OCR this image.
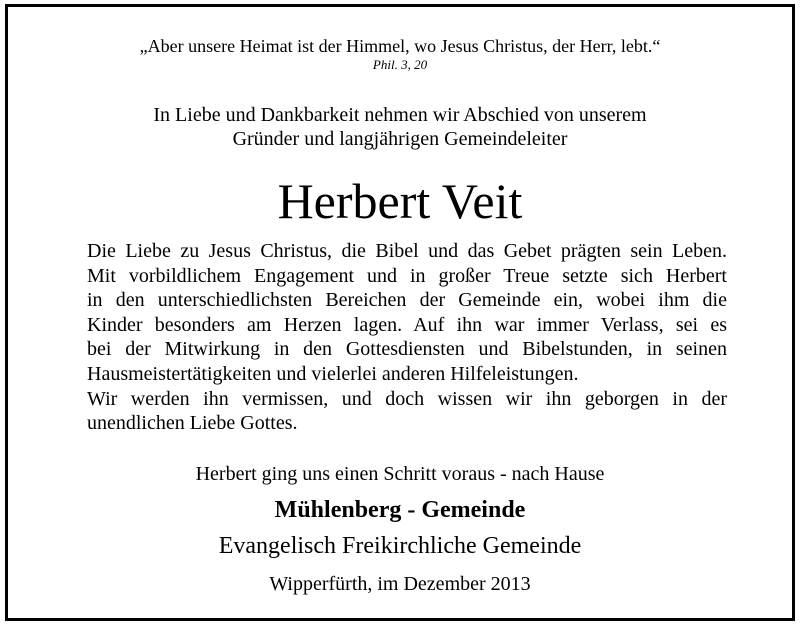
„Aber unsere Heimat ist der Himmel, wo Jesus Christus, der Herr, lebt.“

Phil. 3, 20

In Liebe und Dankbarkeit nehmen wir Abschied von unserem

Gründer und langjährigen Gemeindeleiter

Herbert Veit
Die Liebe zu Jesus Christus, die Bibel und das Gebet prägten sein Leben.
Mit vorbildlichem Engagement und in großer Treue setzte sich Herbert
in den unterschiedlichsten Bereichen der Gemeinde ein, wobei ihm die
Kinder besonders am Herzen lagen. Auf ihn war immer Verlass, sei es
bei der Mitwirkung in den Gottesdiensten und Bibelstunden, in seinen
Hausmeistertätigkeiten und vielerlei anderen Hilfeleistungen.
Wir werden ihn vermissen, und doch wissen wir ihn geborgen in der
unendlichen Liebe Gottes.

Herbert ging uns einen Schritt voraus - nach Hause

Mühlenberg - Gemeinde

Evangelisch Freikirchliche Gemeinde

Wipperfürth, im Dezember 2013
